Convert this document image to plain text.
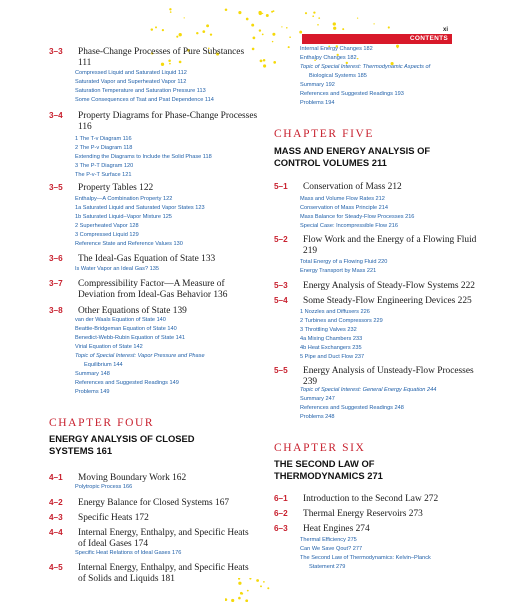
xi
CONTENTS
3–3 Phase-Change Processes of Pure Substances 111
Compressed Liquid and Saturated Liquid 112
Saturated Vapor and Superheated Vapor 112
Saturation Temperature and Saturation Pressure 113
Some Consequences of Tsat and Psat Dependence 114
3–4 Property Diagrams for Phase-Change Processes 116
1 The T-v Diagram 116
2 The P-v Diagram 118
Extending the Diagrams to Include the Solid Phase 118
3 The P-T Diagram 120
The P-v-T Surface 121
3–5 Property Tables 122
Enthalpy—A Combination Property 122
1a Saturated Liquid and Saturated Vapor States 123
1b Saturated Liquid–Vapor Mixture 125
2 Superheated Vapor 128
3 Compressed Liquid 129
Reference State and Reference Values 130
3–6 The Ideal-Gas Equation of State 133
Is Water Vapor an Ideal Gas? 135
3–7 Compressibility Factor—A Measure of Deviation from Ideal-Gas Behavior 136
3–8 Other Equations of State 139
van der Waals Equation of State 140
Beattie-Bridgeman Equation of State 140
Benedict-Webb-Rubin Equation of State 141
Virial Equation of State 142
Topic of Special Interest: Vapor Pressure and Phase
Equilibrium 144
Summary 148
References and Suggested Readings 149
Problems 149
CHAPTER FOUR
ENERGY ANALYSIS OF CLOSED SYSTEMS 161
4–1 Moving Boundary Work 162
Polytropic Process 166
4–2 Energy Balance for Closed Systems 167
4–3 Specific Heats 172
4–4 Internal Energy, Enthalpy, and Specific Heats of Ideal Gases 174
Specific Heat Relations of Ideal Gases 176
4–5 Internal Energy, Enthalpy, and Specific Heats of Solids and Liquids 181
Internal Energy Changes 182
Enthalpy Changes 182
Topic of Special Interest: Thermodynamic Aspects of
Biological Systems 185
Summary 192
References and Suggested Readings 193
Problems 194
CHAPTER FIVE
MASS AND ENERGY ANALYSIS OF CONTROL VOLUMES 211
5–1 Conservation of Mass 212
Mass and Volume Flow Rates 212
Conservation of Mass Principle 214
Mass Balance for Steady-Flow Processes 216
Special Case: Incompressible Flow 216
5–2 Flow Work and the Energy of a Flowing Fluid 219
Total Energy of a Flowing Fluid 220
Energy Transport by Mass 221
5–3 Energy Analysis of Steady-Flow Systems 222
5–4 Some Steady-Flow Engineering Devices 225
1 Nozzles and Diffusers 226
2 Turbines and Compressors 229
3 Throttling Valves 232
4a Mixing Chambers 233
4b Heat Exchangers 235
5 Pipe and Duct Flow 237
5–5 Energy Analysis of Unsteady-Flow Processes 239
Topic of Special Interest: General Energy Equation 244
Summary 247
References and Suggested Readings 248
Problems 248
CHAPTER SIX
THE SECOND LAW OF THERMODYNAMICS 271
6–1 Introduction to the Second Law 272
6–2 Thermal Energy Reservoirs 273
6–3 Heat Engines 274
Thermal Efficiency 275
Can We Save Qout? 277
The Second Law of Thermodynamics: Kelvin–Planck
Statement 279
